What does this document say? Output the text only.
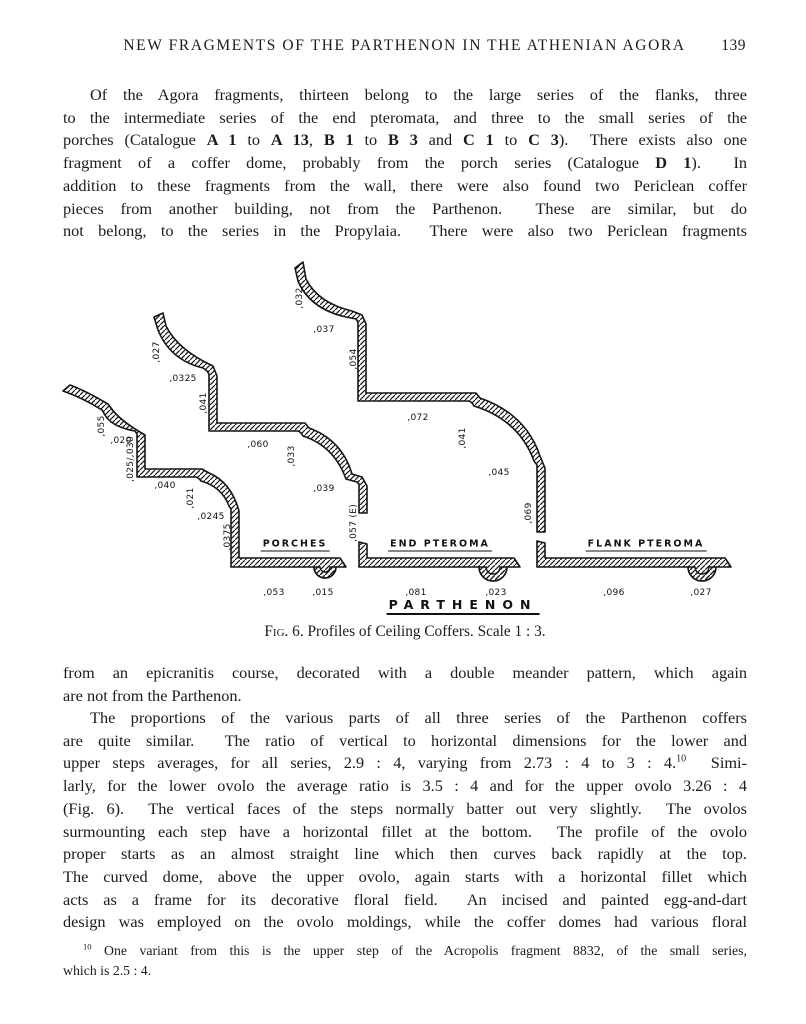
NEW FRAGMENTS OF THE PARTHENON IN THE ATHENIAN AGORA 139
Of the Agora fragments, thirteen belong to the large series of the flanks, three
to the intermediate series of the end pteromata, and three to the small series of the
porches (Catalogue A 1 to A 13, B 1 to B 3 and C 1 to C 3).  There exists also one
fragment of a coffer dome, probably from the porch series (Catalogue D 1).  In
addition to these fragments from the wall, there were also found two Periclean coffer
pieces from another building, not from the Parthenon.  These are similar, but do
not belong, to the series in the Propylaia.  There were also two Periclean fragments
,055
,020
,025/,030
,040
,021
,0245
,0375
,053	,015
,027
,0325
,041
,060
,033
,039
,057 (E)
,081	,023
,032
,037
,054
,072
,041
,045
,069
,096	,027
PORCHES	END PTEROMA	FLANK PTEROMA
PARTHENON
Fig. 6. Profiles of Ceiling Coffers. Scale 1 : 3.
from an epicranitis course, decorated with a double meander pattern, which again
are not from the Parthenon.
The proportions of the various parts of all three series of the Parthenon coffers
are quite similar.  The ratio of vertical to horizontal dimensions for the lower and
upper steps averages, for all series, 2.9 : 4, varying from 2.73 : 4 to 3 : 4.10  Simi-
larly, for the lower ovolo the average ratio is 3.5 : 4 and for the upper ovolo 3.26 : 4
(Fig. 6).  The vertical faces of the steps normally batter out very slightly.  The ovolos
surmounting each step have a horizontal fillet at the bottom.  The profile of the ovolo
proper starts as an almost straight line which then curves back rapidly at the top.
The curved dome, above the upper ovolo, again starts with a horizontal fillet which
acts as a frame for its decorative floral field.  An incised and painted egg-and-dart
design was employed on the ovolo moldings, while the coffer domes had various floral
$^{10}$ One variant from this is the upper step of the Acropolis fragment 8832, of the small series,
which is 2.5 : 4.
